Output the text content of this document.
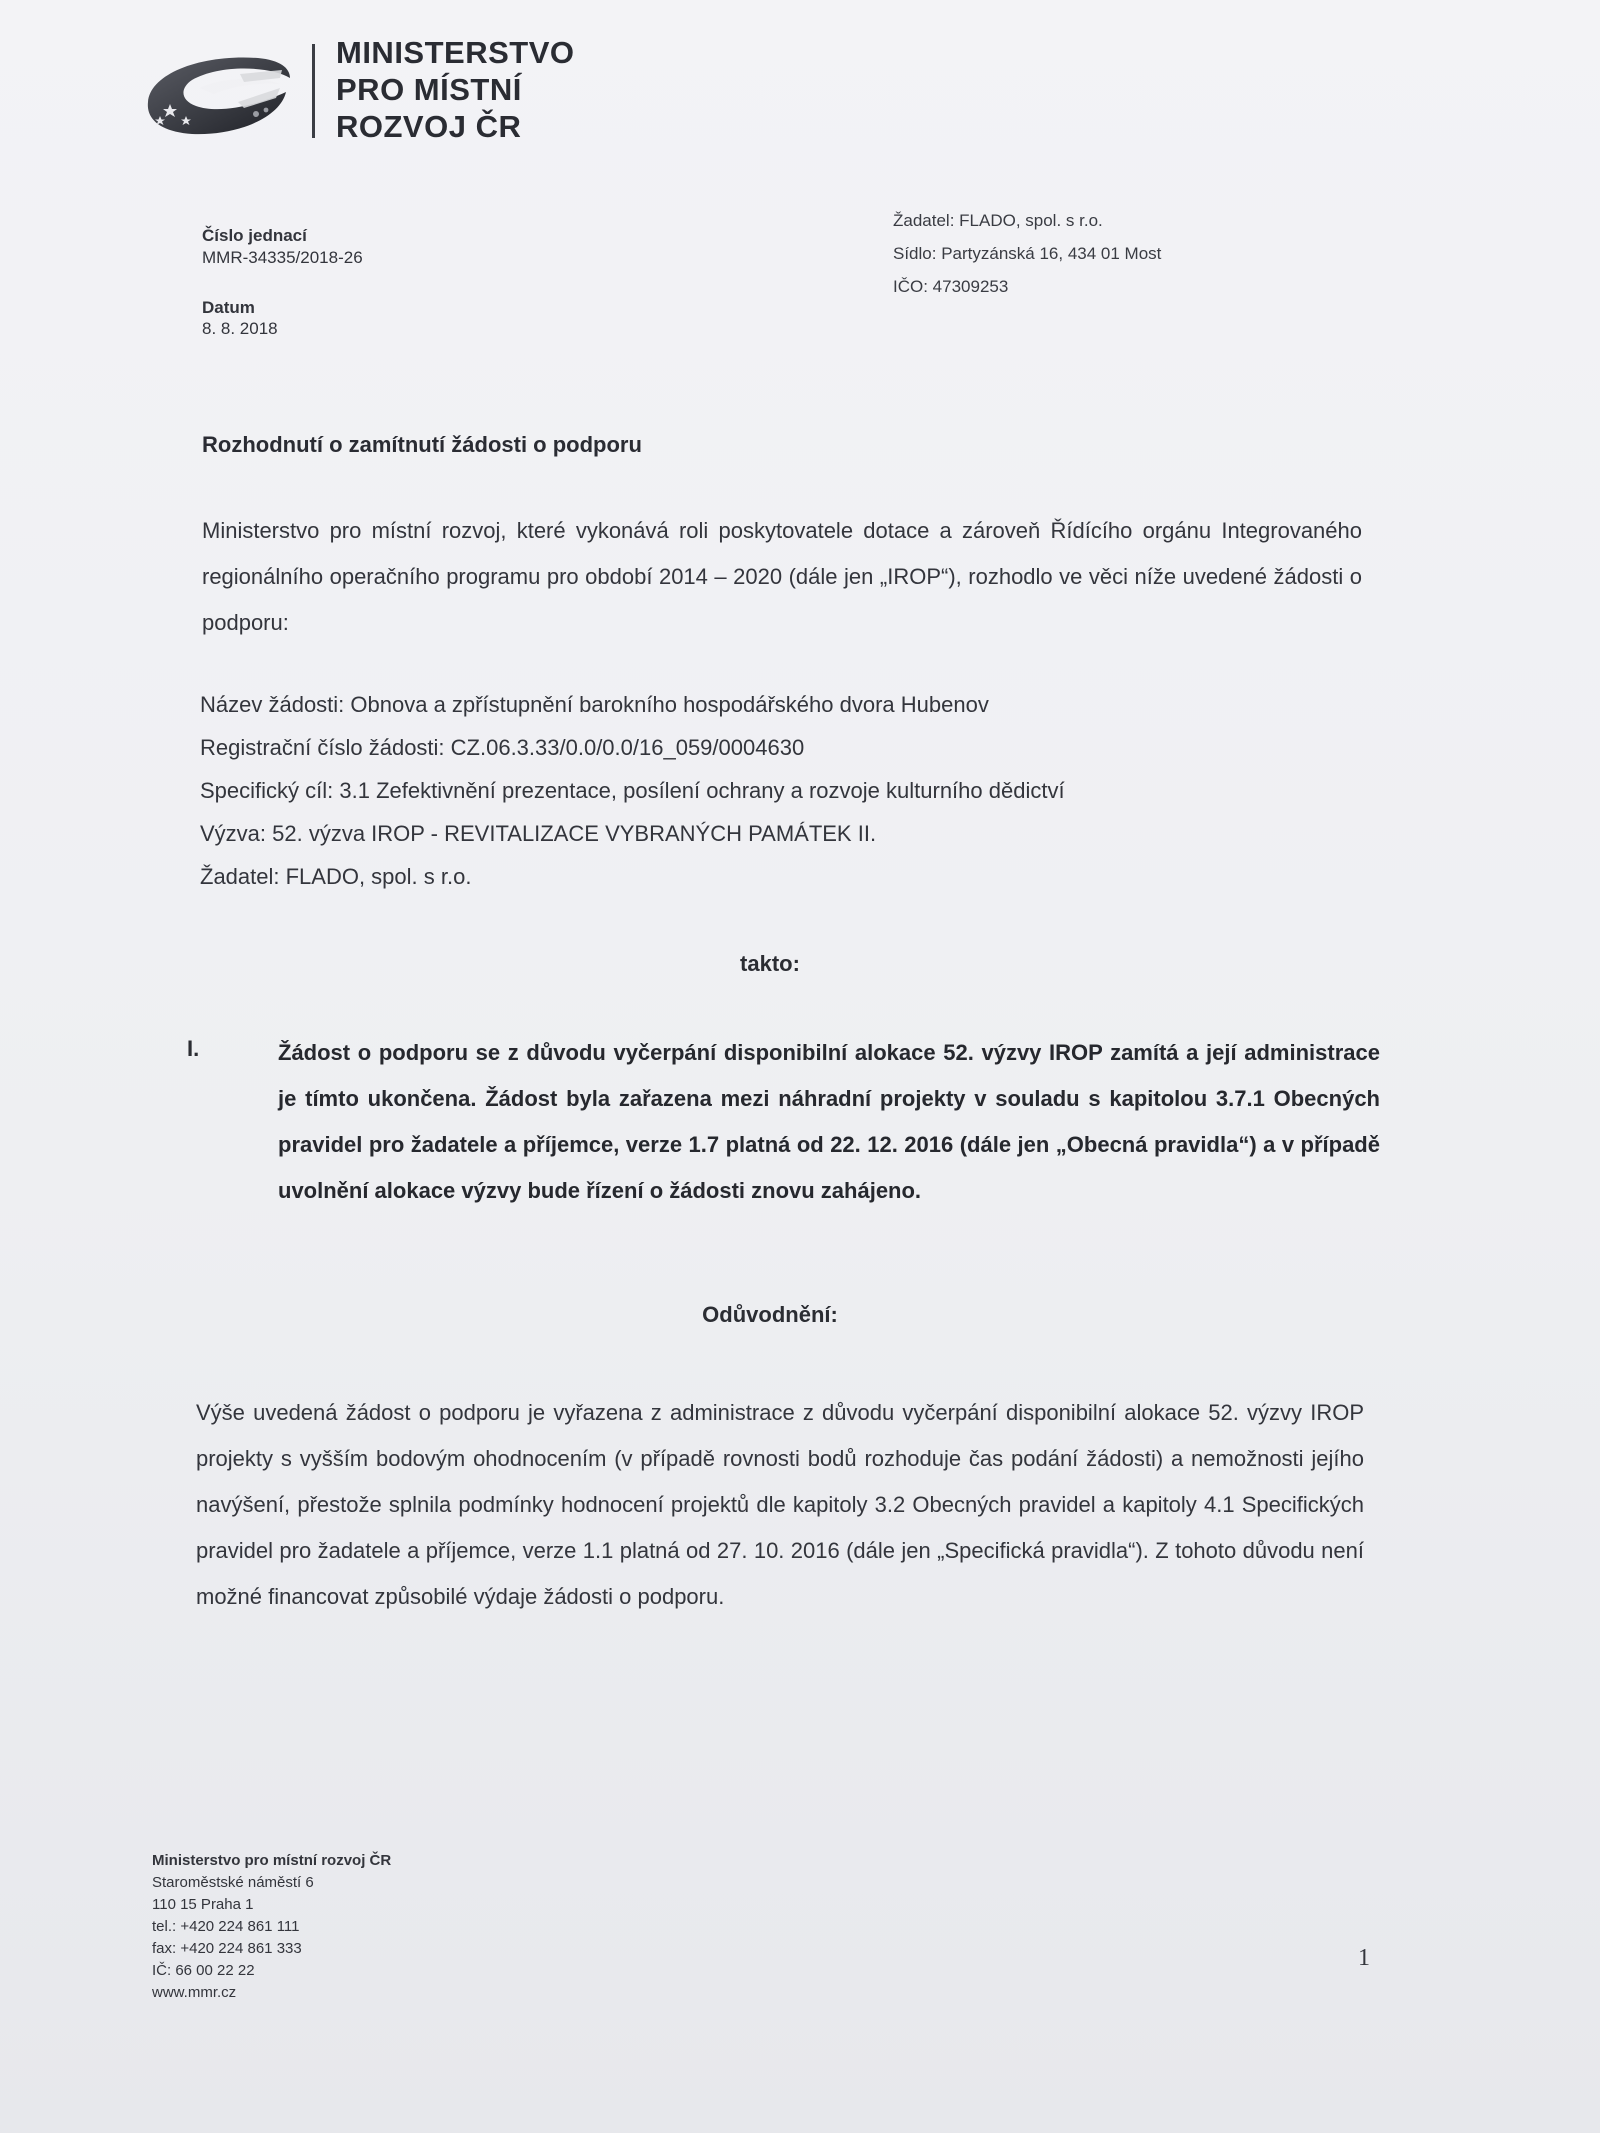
MINISTERSTVO
PRO MÍSTNÍ
ROZVOJ ČR
Číslo jednací
MMR-34335/2018-26
Datum
8. 8. 2018
Žadatel: FLADO, spol. s r.o.
Sídlo: Partyzánská 16, 434 01 Most
IČO: 47309253
Rozhodnutí o zamítnutí žádosti o podporu
Ministerstvo pro místní rozvoj, které vykonává roli poskytovatele dotace a zároveň Řídícího orgánu Integrovaného regionálního operačního programu pro období 2014 – 2020 (dále jen „IROP“), rozhodlo ve věci níže uvedené žádosti o podporu:
Název žádosti: Obnova a zpřístupnění barokního hospodářského dvora Hubenov
Registrační číslo žádosti: CZ.06.3.33/0.0/0.0/16_059/0004630
Specifický cíl: 3.1 Zefektivnění prezentace, posílení ochrany a rozvoje kulturního dědictví
Výzva: 52. výzva IROP - REVITALIZACE VYBRANÝCH PAMÁTEK II.
Žadatel: FLADO, spol. s r.o.
takto:
I.	Žádost o podporu se z důvodu vyčerpání disponibilní alokace 52. výzvy IROP zamítá a její administrace je tímto ukončena. Žádost byla zařazena mezi náhradní projekty v souladu s kapitolou 3.7.1 Obecných pravidel pro žadatele a příjemce, verze 1.7 platná od 22. 12. 2016 (dále jen „Obecná pravidla“) a v případě uvolnění alokace výzvy bude řízení o žádosti znovu zahájeno.
Odůvodnění:
Výše uvedená žádost o podporu je vyřazena z administrace z důvodu vyčerpání disponibilní alokace 52. výzvy IROP projekty s vyšším bodovým ohodnocením (v případě rovnosti bodů rozhoduje čas podání žádosti) a nemožnosti jejího navýšení, přestože splnila podmínky hodnocení projektů dle kapitoly 3.2 Obecných pravidel a kapitoly 4.1 Specifických pravidel pro žadatele a příjemce, verze 1.1 platná od 27. 10. 2016 (dále jen „Specifická pravidla“). Z tohoto důvodu není možné financovat způsobilé výdaje žádosti o podporu.
Ministerstvo pro místní rozvoj ČR
Staroměstské náměstí 6
110 15 Praha 1
tel.: +420 224 861 111
fax: +420 224 861 333
IČ: 66 00 22 22
www.mmr.cz
1
